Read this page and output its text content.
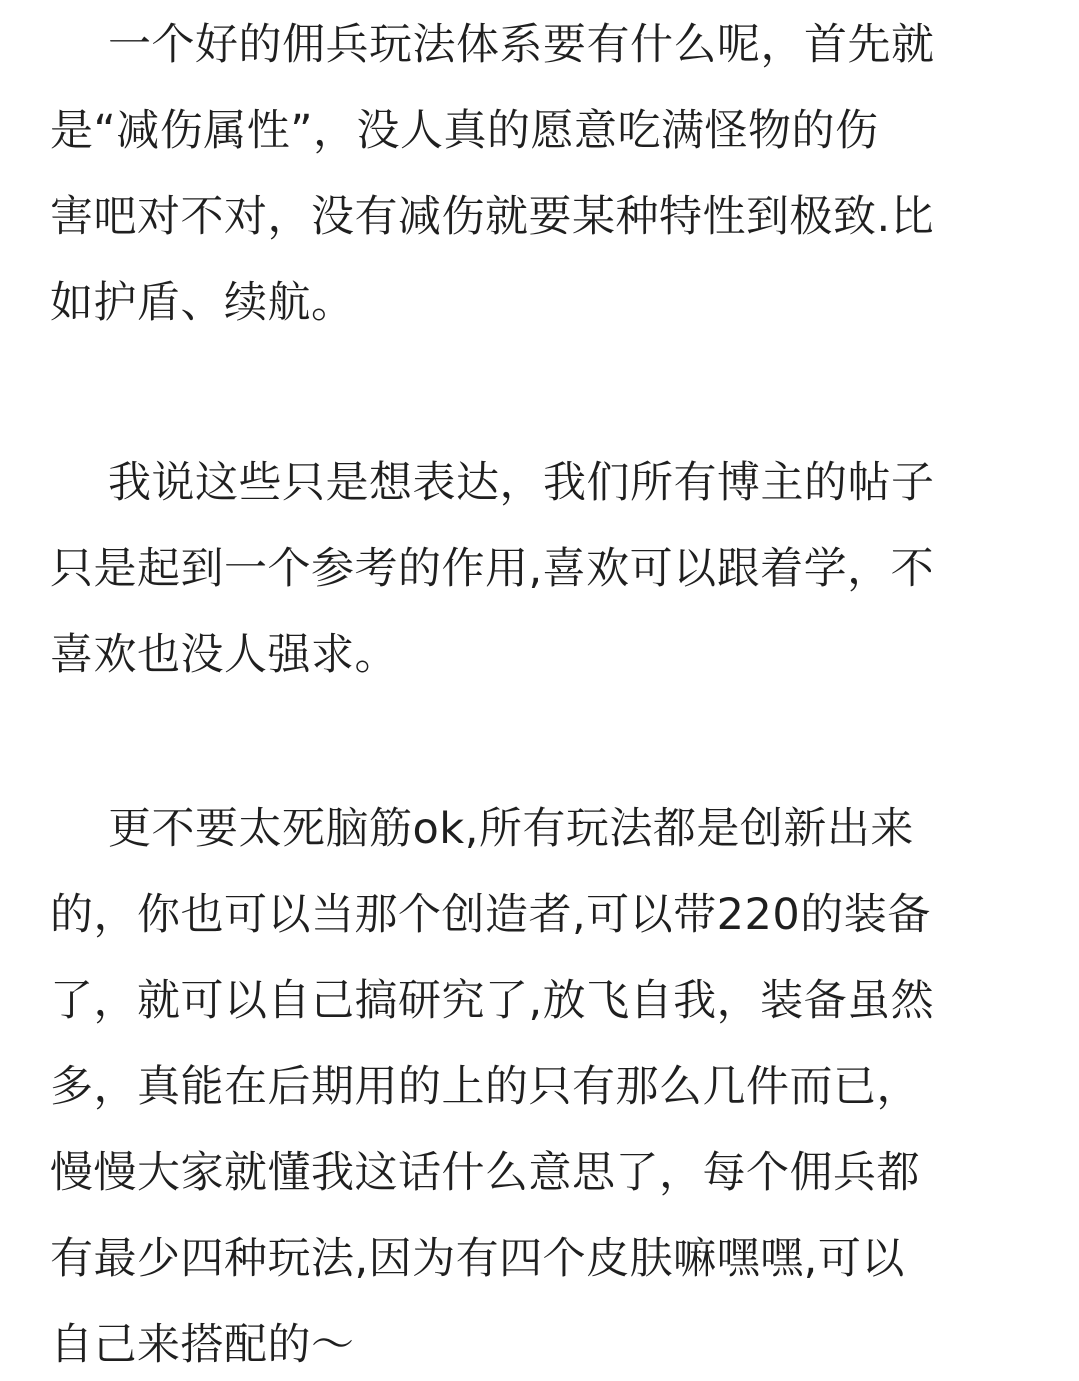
一个好的佣兵玩法体系要有什么呢，首先就
是“减伤属性”，没人真的愿意吃满怪物的伤
害吧对不对，没有减伤就要某种特性到极致.比
如护盾、续航。
我说这些只是想表达，我们所有博主的帖子
只是起到一个参考的作用,喜欢可以跟着学，不
喜欢也没人强求。
更不要太死脑筋ok,所有玩法都是创新出来
的，你也可以当那个创造者,可以带220的装备
了，就可以自己搞研究了,放飞自我，装备虽然
多，真能在后期用的上的只有那么几件而已，
慢慢大家就懂我这话什么意思了，每个佣兵都
有最少四种玩法,因为有四个皮肤嘛嘿嘿,可以
自己来搭配的～
